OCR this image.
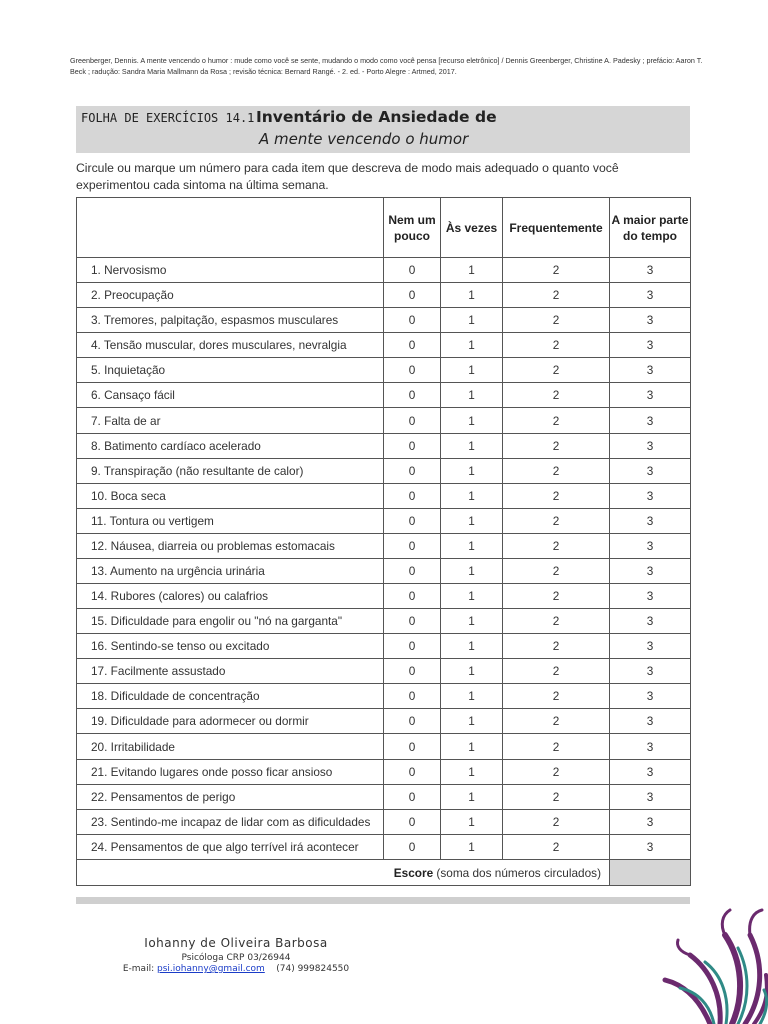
Greenberger, Dennis. A mente vencendo o humor : mude como você se sente, mudando o modo como você pensa [recurso eletrônico] / Dennis Greenberger, Christine A. Padesky ; prefácio: Aaron T. Beck ; radução: Sandra Maria Mallmann da Rosa ; revisão técnica: Bernard Rangé. - 2. ed. - Porto Alegre : Artmed, 2017.
FOLHA DE EXERCÍCIOS 14.1 Inventário de Ansiedade de
A mente vencendo o humor
Circule ou marque um número para cada item que descreva de modo mais adequado o quanto você experimentou cada sintoma na última semana.
	Nem um pouco	Às vezes	Frequentemente	A maior parte do tempo
1. Nervosismo	0	1	2	3
2. Preocupação	0	1	2	3
3. Tremores, palpitação, espasmos musculares	0	1	2	3
4. Tensão muscular, dores musculares, nevralgia	0	1	2	3
5. Inquietação	0	1	2	3
6. Cansaço fácil	0	1	2	3
7. Falta de ar	0	1	2	3
8. Batimento cardíaco acelerado	0	1	2	3
9. Transpiração (não resultante de calor)	0	1	2	3
10. Boca seca	0	1	2	3
11. Tontura ou vertigem	0	1	2	3
12. Náusea, diarreia ou problemas estomacais	0	1	2	3
13. Aumento na urgência urinária	0	1	2	3
14. Rubores (calores) ou calafrios	0	1	2	3
15. Dificuldade para engolir ou "nó na garganta"	0	1	2	3
16. Sentindo-se tenso ou excitado	0	1	2	3
17. Facilmente assustado	0	1	2	3
18. Dificuldade de concentração	0	1	2	3
19. Dificuldade para adormecer ou dormir	0	1	2	3
20. Irritabilidade	0	1	2	3
21. Evitando lugares onde posso ficar ansioso	0	1	2	3
22. Pensamentos de perigo	0	1	2	3
23. Sentindo-me incapaz de lidar com as dificuldades	0	1	2	3
24. Pensamentos de que algo terrível irá acontecer	0	1	2	3
Escore (soma dos números circulados)				
Iohanny de Oliveira Barbosa
Psicóloga CRP 03/26944
E-mail: psi.iohanny@gmail.com (74) 999824550
